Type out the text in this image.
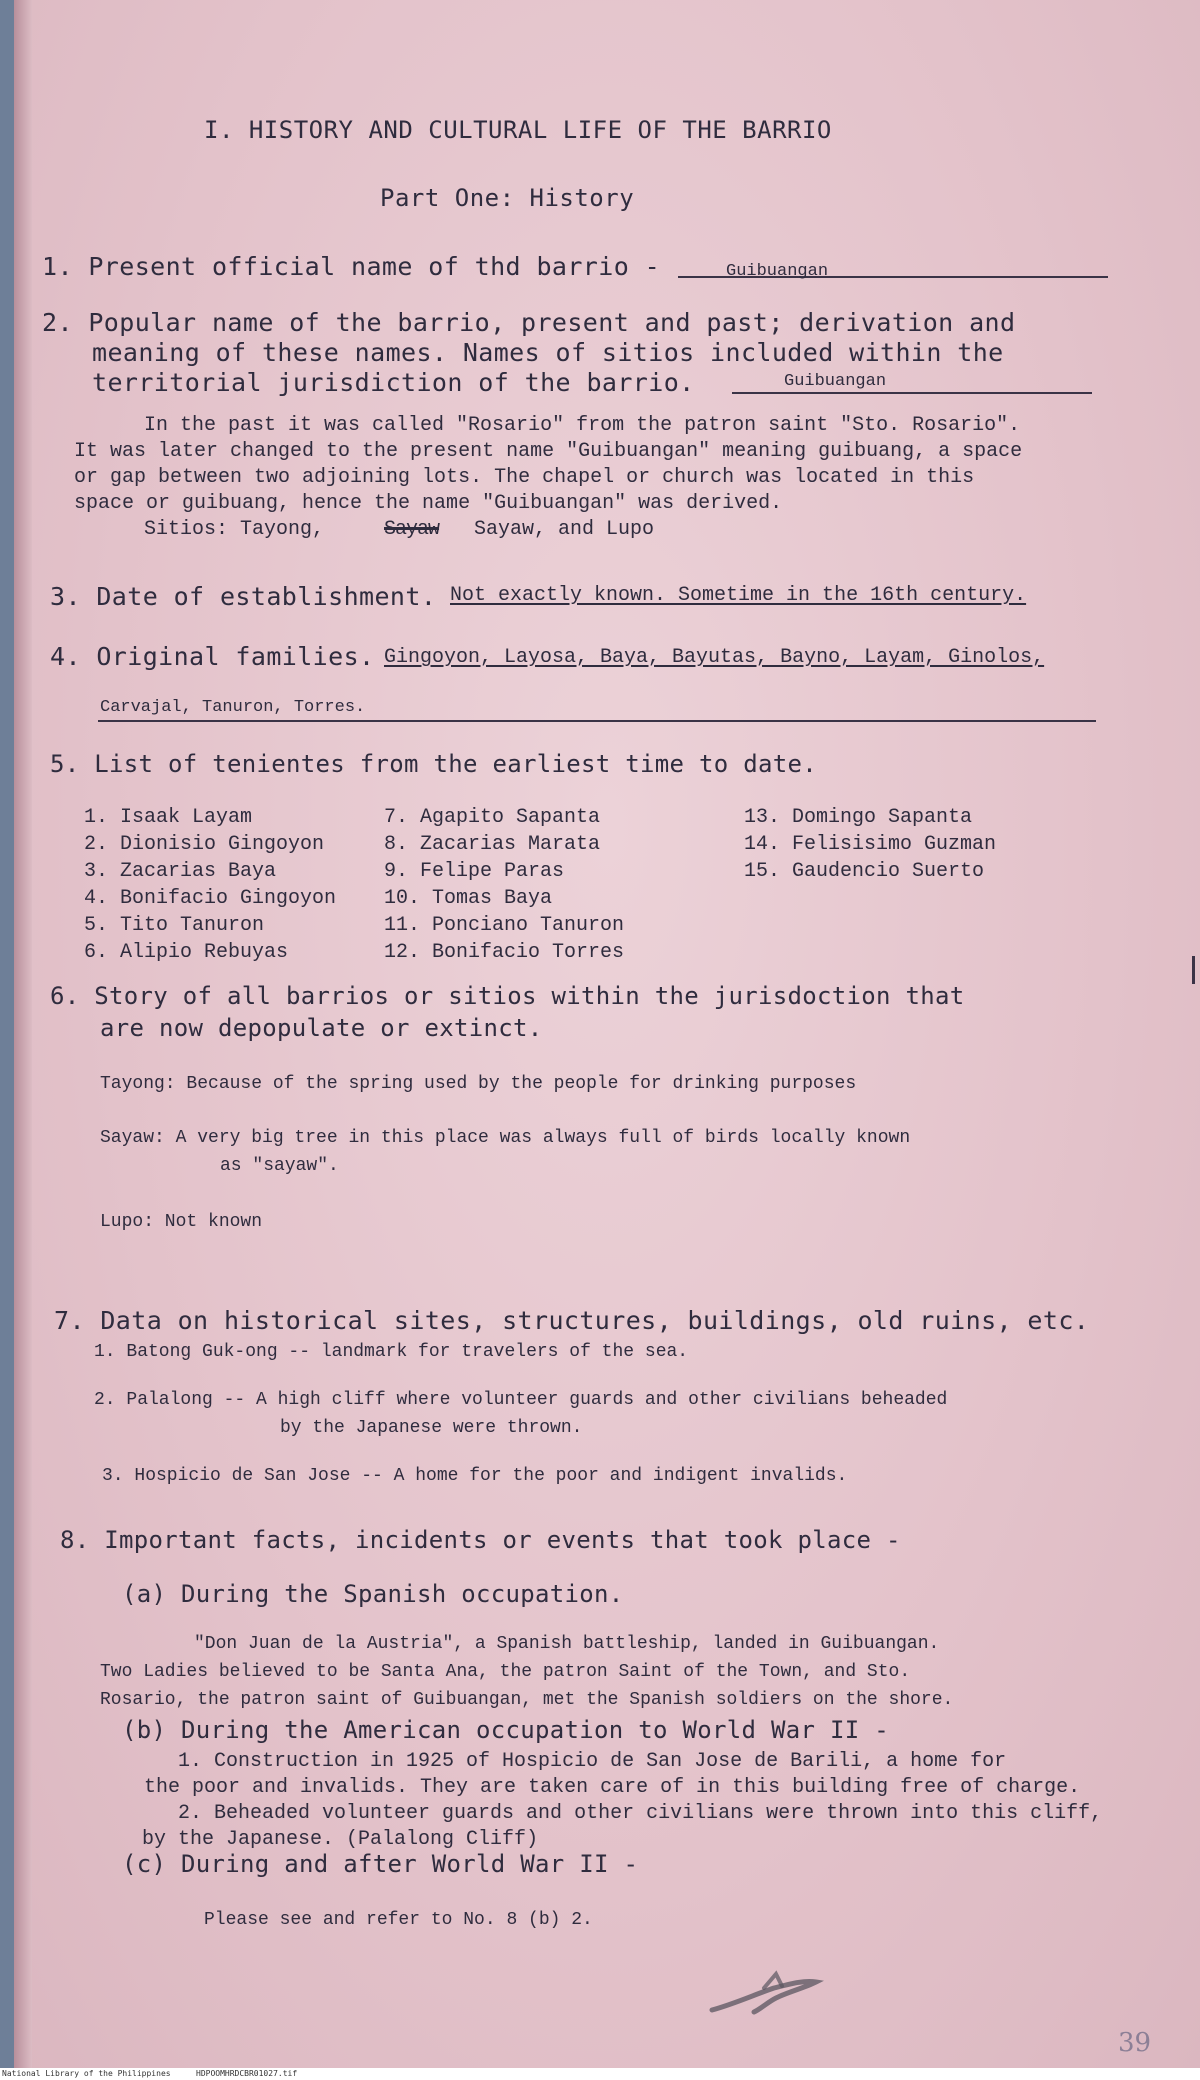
I. HISTORY AND CULTURAL LIFE OF THE BARRIO
Part One: History
1. Present official name of thd barrio -	Guibuangan
2. Popular name of the barrio, present and past; derivation and
meaning of these names. Names of sitios included within the
territorial jurisdiction of the barrio.	Guibuangan
In the past it was called "Rosario" from the patron saint "Sto. Rosario".
It was later changed to the present name "Guibuangan" meaning guibuang, a space
or gap between two adjoining lots. The chapel or church was located in this
space or guibuang, hence the name "Guibuangan" was derived.
Sitios: Tayong,	Sayaw Sayaw, and Lupo
3. Date of establishment. Not exactly known. Sometime in the 16th century.
4. Original families. Gingoyon, Layosa, Baya, Bayutas, Bayno, Layam, Ginolos,
Carvajal, Tanuron, Torres.
5. List of tenientes from the earliest time to date.
1. Isaak Layam
2. Dionisio Gingoyon
3. Zacarias Baya
4. Bonifacio Gingoyon
5. Tito Tanuron
6. Alipio Rebuyas
7. Agapito Sapanta
8. Zacarias Marata
9. Felipe Paras
10. Tomas Baya
11. Ponciano Tanuron
12. Bonifacio Torres
13. Domingo Sapanta
14. Felisisimo Guzman
15. Gaudencio Suerto
6. Story of all barrios or sitios within the jurisdoction that
are now depopulate or extinct.
Tayong: Because of the spring used by the people for drinking purposes
Sayaw: A very big tree in this place was always full of birds locally known
as "sayaw".
Lupo: Not known
7. Data on historical sites, structures, buildings, old ruins, etc.
1. Batong Guk-ong -- landmark for travelers of the sea.
2. Palalong -- A high cliff where volunteer guards and other civilians beheaded
by the Japanese were thrown.
3. Hospicio de San Jose -- A home for the poor and indigent invalids.
8. Important facts, incidents or events that took place -
(a) During the Spanish occupation.
"Don Juan de la Austria", a Spanish battleship, landed in Guibuangan.
Two Ladies believed to be Santa Ana, the patron Saint of the Town, and Sto.
Rosario, the patron saint of Guibuangan, met the Spanish soldiers on the shore.
(b) During the American occupation to World War II -
1. Construction in 1925 of Hospicio de San Jose de Barili, a home for
the poor and invalids. They are taken care of in this building free of charge.
2. Beheaded volunteer guards and other civilians were thrown into this cliff,
by the Japanese. (Palalong Cliff)
(c) During and after World War II -
Please see and refer to No. 8 (b) 2.
39
National Library of the Philippines	HDPOOMHRDCBR01027.tif
